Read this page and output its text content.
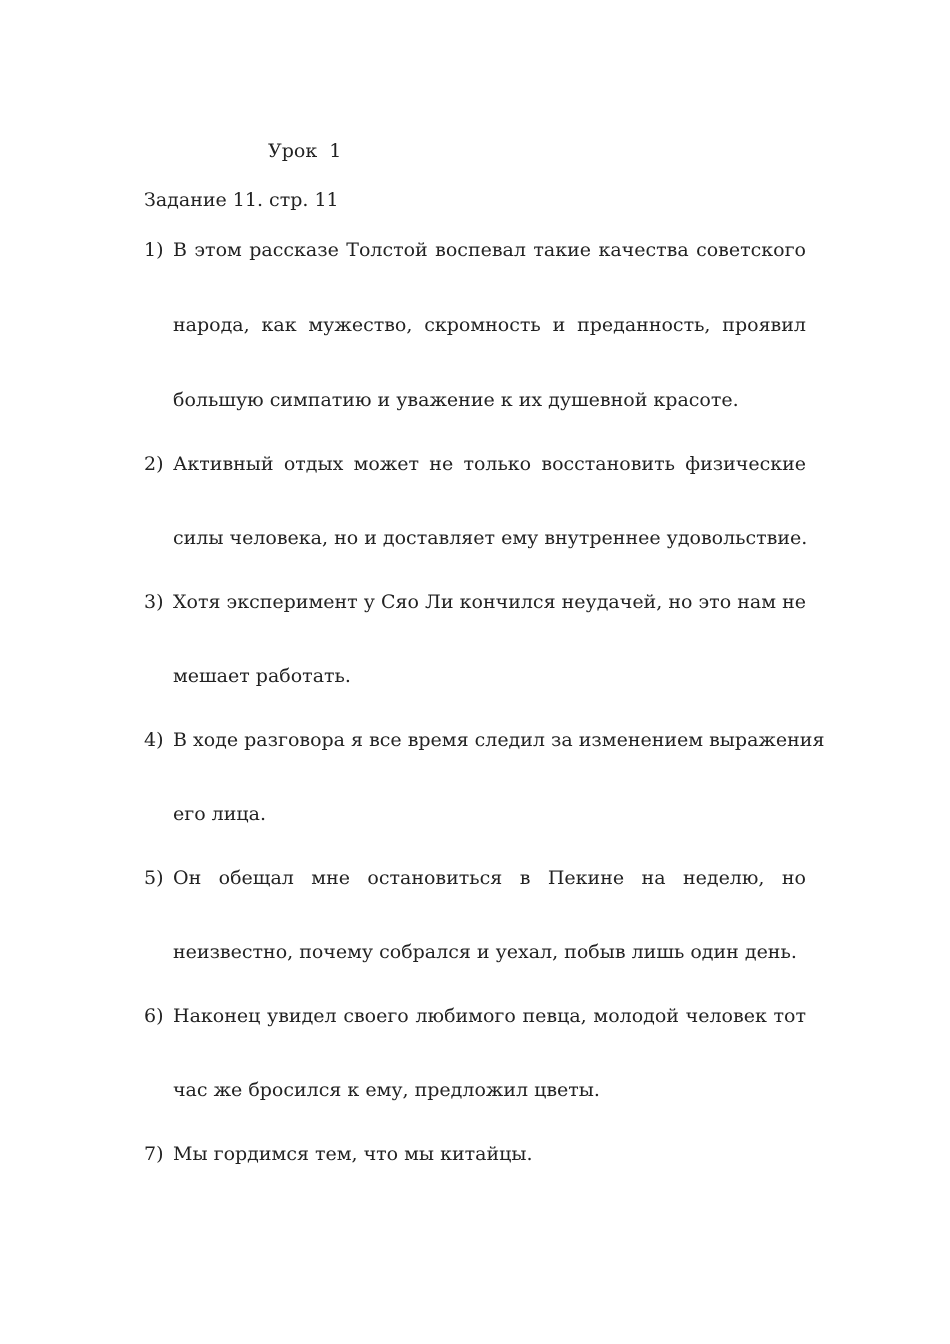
Урок  1
Задание 11. стр. 11
1) В этом рассказе Толстой воспевал такие качества советского
народа, как мужество, скромность и преданность, проявил
большую симпатию и уважение к их душевной красоте.
2) Активный отдых может не только восстановить физические
силы человека, но и доставляет ему внутреннее удовольствие.
3) Хотя эксперимент у Сяо Ли кончился неудачей, но это нам не
мешает работать.
4) В ходе разговора я все время следил за изменением выражения
его лица.
5) Он обещал мне остановиться в Пекине на неделю, но
неизвестно, почему собрался и уехал, побыв лишь один день.
6) Наконец увидел своего любимого певца, молодой человек тот
час же бросился к ему, предложил цветы.
7) Мы гордимся тем, что мы китайцы.
